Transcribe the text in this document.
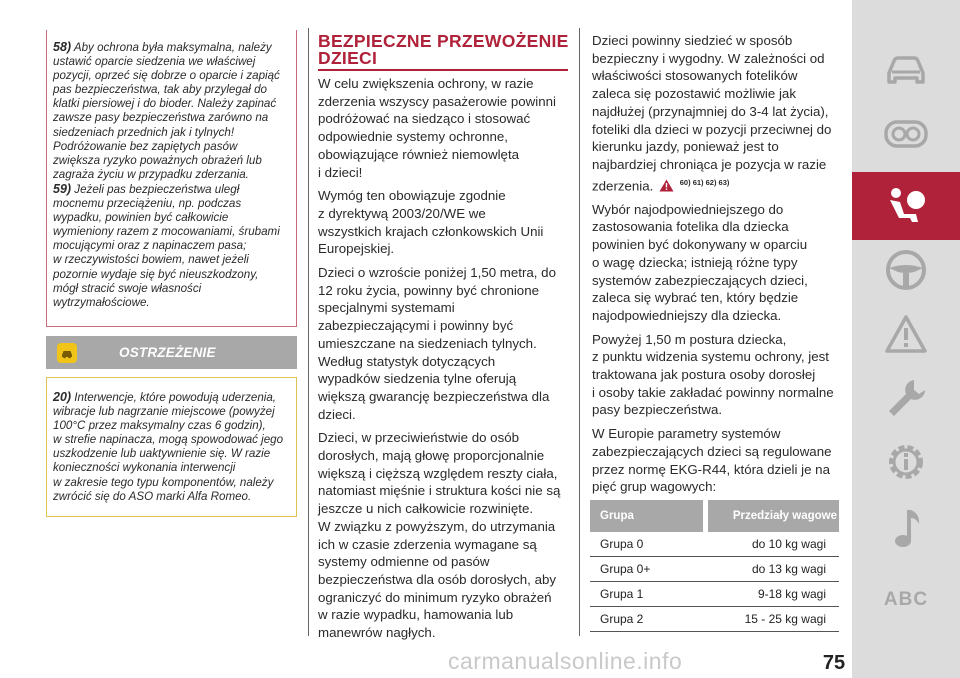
58) Aby ochrona była maksymalna, należy
ustawić oparcie siedzenia we właściwej
pozycji, oprzeć się dobrze o oparcie i zapiąć
pas bezpieczeństwa, tak aby przylegał do
klatki piersiowej i do bioder. Należy zapinać
zawsze pasy bezpieczeństwa zarówno na
siedzeniach przednich jak i tylnych!
Podróżowanie bez zapiętych pasów
zwiększa ryzyko poważnych obrażeń lub
zagraża życiu w przypadku zderzania.
59) Jeżeli pas bezpieczeństwa uległ
mocnemu przeciążeniu, np. podczas
wypadku, powinien być całkowicie
wymieniony razem z mocowaniami, śrubami
mocującymi oraz z napinaczem pasa;
w rzeczywistości bowiem, nawet jeżeli
pozornie wydaje się być nieuszkodzony,
mógł stracić swoje własności
wytrzymałościowe.
OSTRZEŻENIE
20) Interwencje, które powodują uderzenia,
wibracje lub nagrzanie miejscowe (powyżej
100°C przez maksymalny czas 6 godzin),
w strefie napinacza, mogą spowodować jego
uszkodzenie lub uaktywnienie się. W razie
konieczności wykonania interwencji
w zakresie tego typu komponentów, należy
zwrócić się do ASO marki Alfa Romeo.
BEZPIECZNE PRZEWOŻENIE
DZIECI
W celu zwiększenia ochrony, w razie
zderzenia wszyscy pasażerowie powinni
podróżować na siedząco i stosować
odpowiednie systemy ochronne,
obowiązujące również niemowlęta
i dzieci!
Wymóg ten obowiązuje zgodnie
z dyrektywą 2003/20/WE we
wszystkich krajach członkowskich Unii
Europejskiej.
Dzieci o wzroście poniżej 1,50 metra, do
12 roku życia, powinny być chronione
specjalnymi systemami
zabezpieczającymi i powinny być
umieszczane na siedzeniach tylnych.
Według statystyk dotyczących
wypadków siedzenia tylne oferują
większą gwarancję bezpieczeństwa dla
dzieci.
Dzieci, w przeciwieństwie do osób
dorosłych, mają głowę proporcjonalnie
większą i cięższą względem reszty ciała,
natomiast mięśnie i struktura kości nie są
jeszcze u nich całkowicie rozwinięte.
W związku z powyższym, do utrzymania
ich w czasie zderzenia wymagane są
systemy odmienne od pasów
bezpieczeństwa dla osób dorosłych, aby
ograniczyć do minimum ryzyko obrażeń
w razie wypadku, hamowania lub
manewrów nagłych.
Dzieci powinny siedzieć w sposób
bezpieczny i wygodny. W zależności od
właściwości stosowanych fotelików
zaleca się pozostawić możliwie jak
najdłużej (przynajmniej do 3-4 lat życia),
foteliki dla dzieci w pozycji przeciwnej do
kierunku jazdy, ponieważ jest to
najbardziej chroniąca je pozycja w razie
zderzenia.	$^{60) 61) 62) 63)}$
Wybór najodpowiedniejszego do
zastosowania fotelika dla dziecka
powinien być dokonywany w oparciu
o wagę dziecka; istnieją różne typy
systemów zabezpieczających dzieci,
zaleca się wybrać ten, który będzie
najodpowiedniejszy dla dziecka.
Powyżej 1,50 m postura dziecka,
z punktu widzenia systemu ochrony, jest
traktowana jak postura osoby dorosłej
i osoby takie zakładać powinny normalne
pasy bezpieczeństwa.
W Europie parametry systemów
zabezpieczających dzieci są regulowane
przez normę EKG-R44, która dzieli je na
pięć grup wagowych:
Grupa	Przedziały wagowe
Grupa 0	do 10 kg wagi
Grupa 0+	do 13 kg wagi
Grupa 1	9-18 kg wagi
Grupa 2	15 - 25 kg wagi
ABC
carmanualsonline.info	75
